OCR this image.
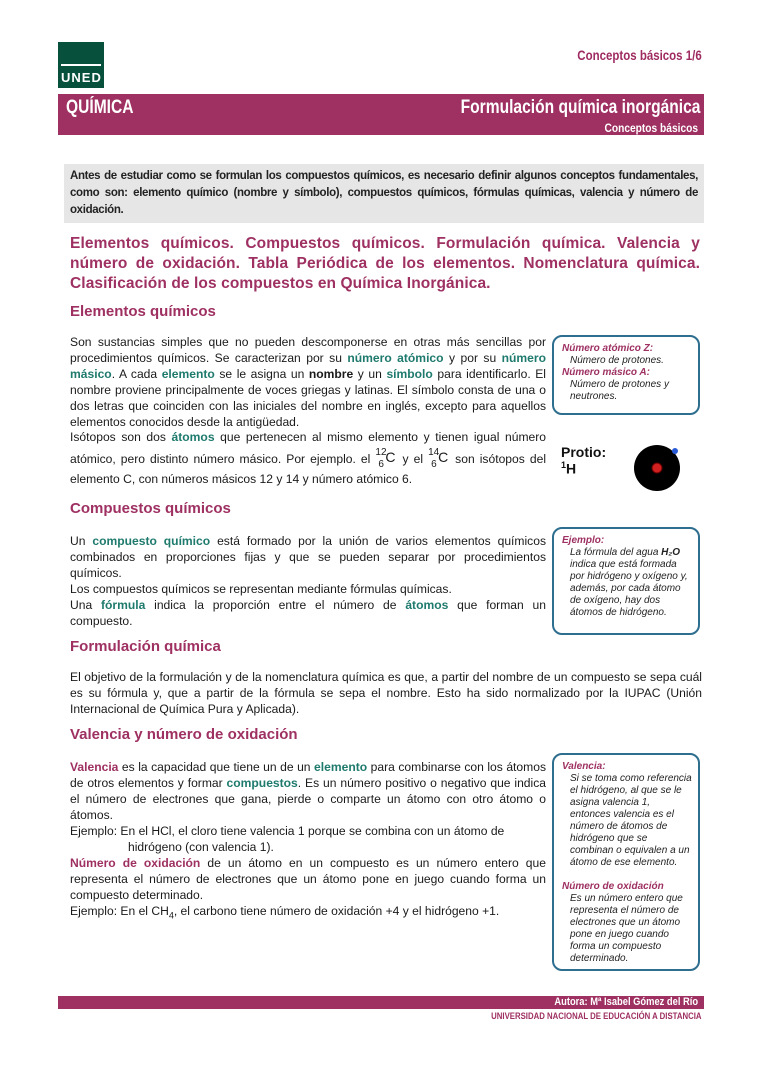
UNED
Conceptos básicos 1/6
QUÍMICA	Formulación química inorgánica
Conceptos básicos
Antes de estudiar como se formulan los compuestos químicos, es necesario definir algunos conceptos fundamentales, como son: elemento químico (nombre y símbolo), compuestos químicos, fórmulas químicas, valencia y número de oxidación.
Elementos químicos. Compuestos químicos. Formulación química. Valencia y número de oxidación. Tabla Periódica de los elementos. Nomenclatura química. Clasificación de los compuestos en Química Inorgánica.
Elementos químicos
Son sustancias simples que no pueden descomponerse en otras más sencillas por procedimientos químicos. Se caracterizan por su número atómico y por su número másico. A cada elemento se le asigna un nombre y un símbolo para identificarlo. El nombre proviene principalmente de voces griegas y latinas. El símbolo consta de una o dos letras que coinciden con las iniciales del nombre en inglés, excepto para aquellos elementos conocidos desde la antigüedad.
Isótopos son dos átomos que pertenecen al mismo elemento y tienen igual número atómico, pero distinto número másico. Por ejemplo. el 12
6 C y el 14
6 C son isótopos del elemento C, con números másicos 12 y 14 y número atómico 6.
Número atómico Z:
Número de protones.
Número másico A:
Número de protones y neutrones.
Protio:
$^1$H
Compuestos químicos
Un compuesto químico está formado por la unión de varios elementos químicos combinados en proporciones fijas y que se pueden separar por procedimientos químicos.
Los compuestos químicos se representan mediante fórmulas químicas.
Una fórmula indica la proporción entre el número de átomos que forman un compuesto.
Ejemplo:
La fórmula del agua H₂O indica que está formada por hidrógeno y oxígeno y, además, por cada átomo de oxígeno, hay dos átomos de hidrógeno.
Formulación química
El objetivo de la formulación y de la nomenclatura química es que, a partir del nombre de un compuesto se sepa cuál es su fórmula y, que a partir de la fórmula se sepa el nombre. Esto ha sido normalizado por la IUPAC (Unión Internacional de Química Pura y Aplicada).
Valencia y número de oxidación
Valencia es la capacidad que tiene un de un elemento para combinarse con los átomos de otros elementos y formar compuestos. Es un número positivo o negativo que indica el número de electrones que gana, pierde o comparte un átomo con otro átomo o átomos.
Ejemplo: En el HCl, el cloro tiene valencia 1 porque se combina con un átomo de
hidrógeno (con valencia 1).
Número de oxidación de un átomo en un compuesto es un número entero que representa el número de electrones que un átomo pone en juego cuando forma un compuesto determinado.
Ejemplo: En el $CH_4$, el carbono tiene número de oxidación +4 y el hidrógeno +1.
Valencia:
Si se toma como referencia el hidrógeno, al que se le asigna valencia 1, entonces valencia es el número de átomos de hidrógeno que se combinan o equivalen a un átomo de ese elemento.
Número de oxidación
Es un número entero que representa el número de electrones que un átomo pone en juego cuando forma un compuesto determinado.
Autora: Mª Isabel Gómez del Río
UNIVERSIDAD NACIONAL DE EDUCACIÓN A DISTANCIA
